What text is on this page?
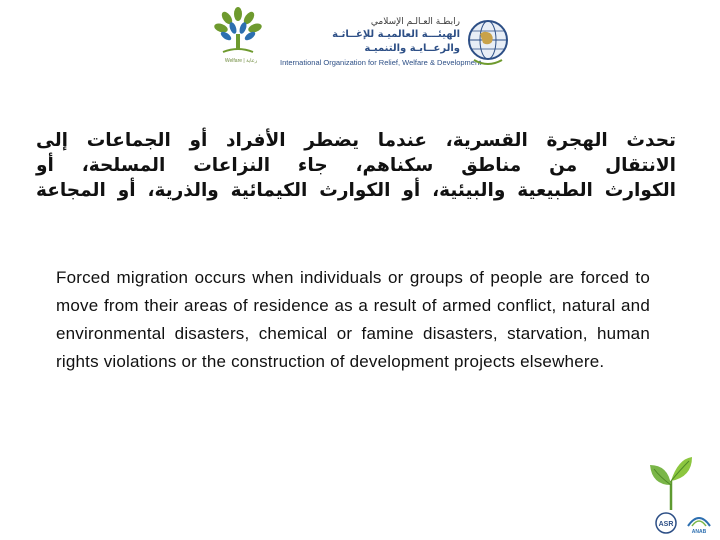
Welfare | رعاية
رابطـة العـالـم الإسلامي
الهيئـــة العالميـة للإغــاثـة والرعــايـة والتنميـة
International Organization for Relief, Welfare & Development
تحدث الهجرة القسرية، عندما يضطر الأفراد أو الجماعات إلى
الانتقال من مناطق سكناهم، جاء النزاعات المسلحة، أو
الكوارث الطبيعية والبيئية، أو الكوارث الكيمائية والذرية، أو المجاعة
Forced migration occurs when individuals or groups of people are forced to move from their areas of residence as a result of armed conflict, natural and environmental disasters, chemical or famine disasters, starvation, human rights violations or the construction of development projects elsewhere.
ASR
ANAB
